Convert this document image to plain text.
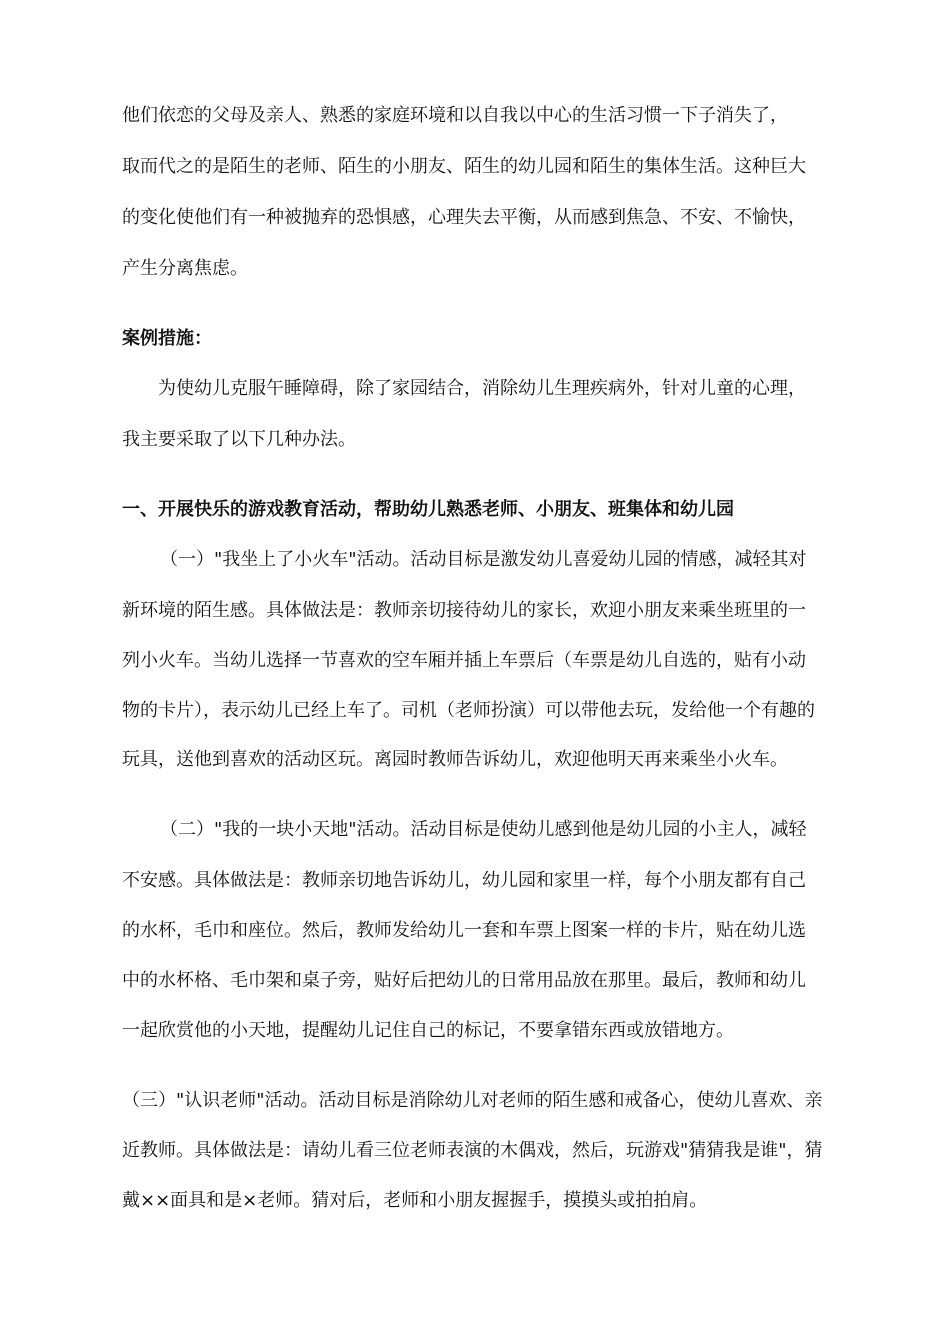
他们依恋的父母及亲人、熟悉的家庭环境和以自我以中心的生活习惯一下子消失了，
取而代之的是陌生的老师、陌生的小朋友、陌生的幼儿园和陌生的集体生活。这种巨大
的变化使他们有一种被抛弃的恐惧感，心理失去平衡，从而感到焦急、不安、不愉快，
产生分离焦虑。
案例措施：
为使幼儿克服午睡障碍，除了家园结合，消除幼儿生理疾病外，针对儿童的心理，
我主要采取了以下几种办法。
一、开展快乐的游戏教育活动，帮助幼儿熟悉老师、小朋友、班集体和幼儿园
（一）"我坐上了小火车"活动。活动目标是激发幼儿喜爱幼儿园的情感，减轻其对
新环境的陌生感。具体做法是：教师亲切接待幼儿的家长，欢迎小朋友来乘坐班里的一
列小火车。当幼儿选择一节喜欢的空车厢并插上车票后（车票是幼儿自选的，贴有小动
物的卡片），表示幼儿已经上车了。司机（老师扮演）可以带他去玩，发给他一个有趣的
玩具，送他到喜欢的活动区玩。离园时教师告诉幼儿，欢迎他明天再来乘坐小火车。
（二）"我的一块小天地"活动。活动目标是使幼儿感到他是幼儿园的小主人，减轻
不安感。具体做法是：教师亲切地告诉幼儿，幼儿园和家里一样，每个小朋友都有自己
的水杯，毛巾和座位。然后，教师发给幼儿一套和车票上图案一样的卡片，贴在幼儿选
中的水杯格、毛巾架和桌子旁，贴好后把幼儿的日常用品放在那里。最后，教师和幼儿
一起欣赏他的小天地，提醒幼儿记住自己的标记，不要拿错东西或放错地方。
（三）"认识老师"活动。活动目标是消除幼儿对老师的陌生感和戒备心，使幼儿喜欢、亲
近教师。具体做法是：请幼儿看三位老师表演的木偶戏，然后，玩游戏"猜猜我是谁"，猜
戴××面具和是×老师。猜对后，老师和小朋友握握手，摸摸头或拍拍肩。
